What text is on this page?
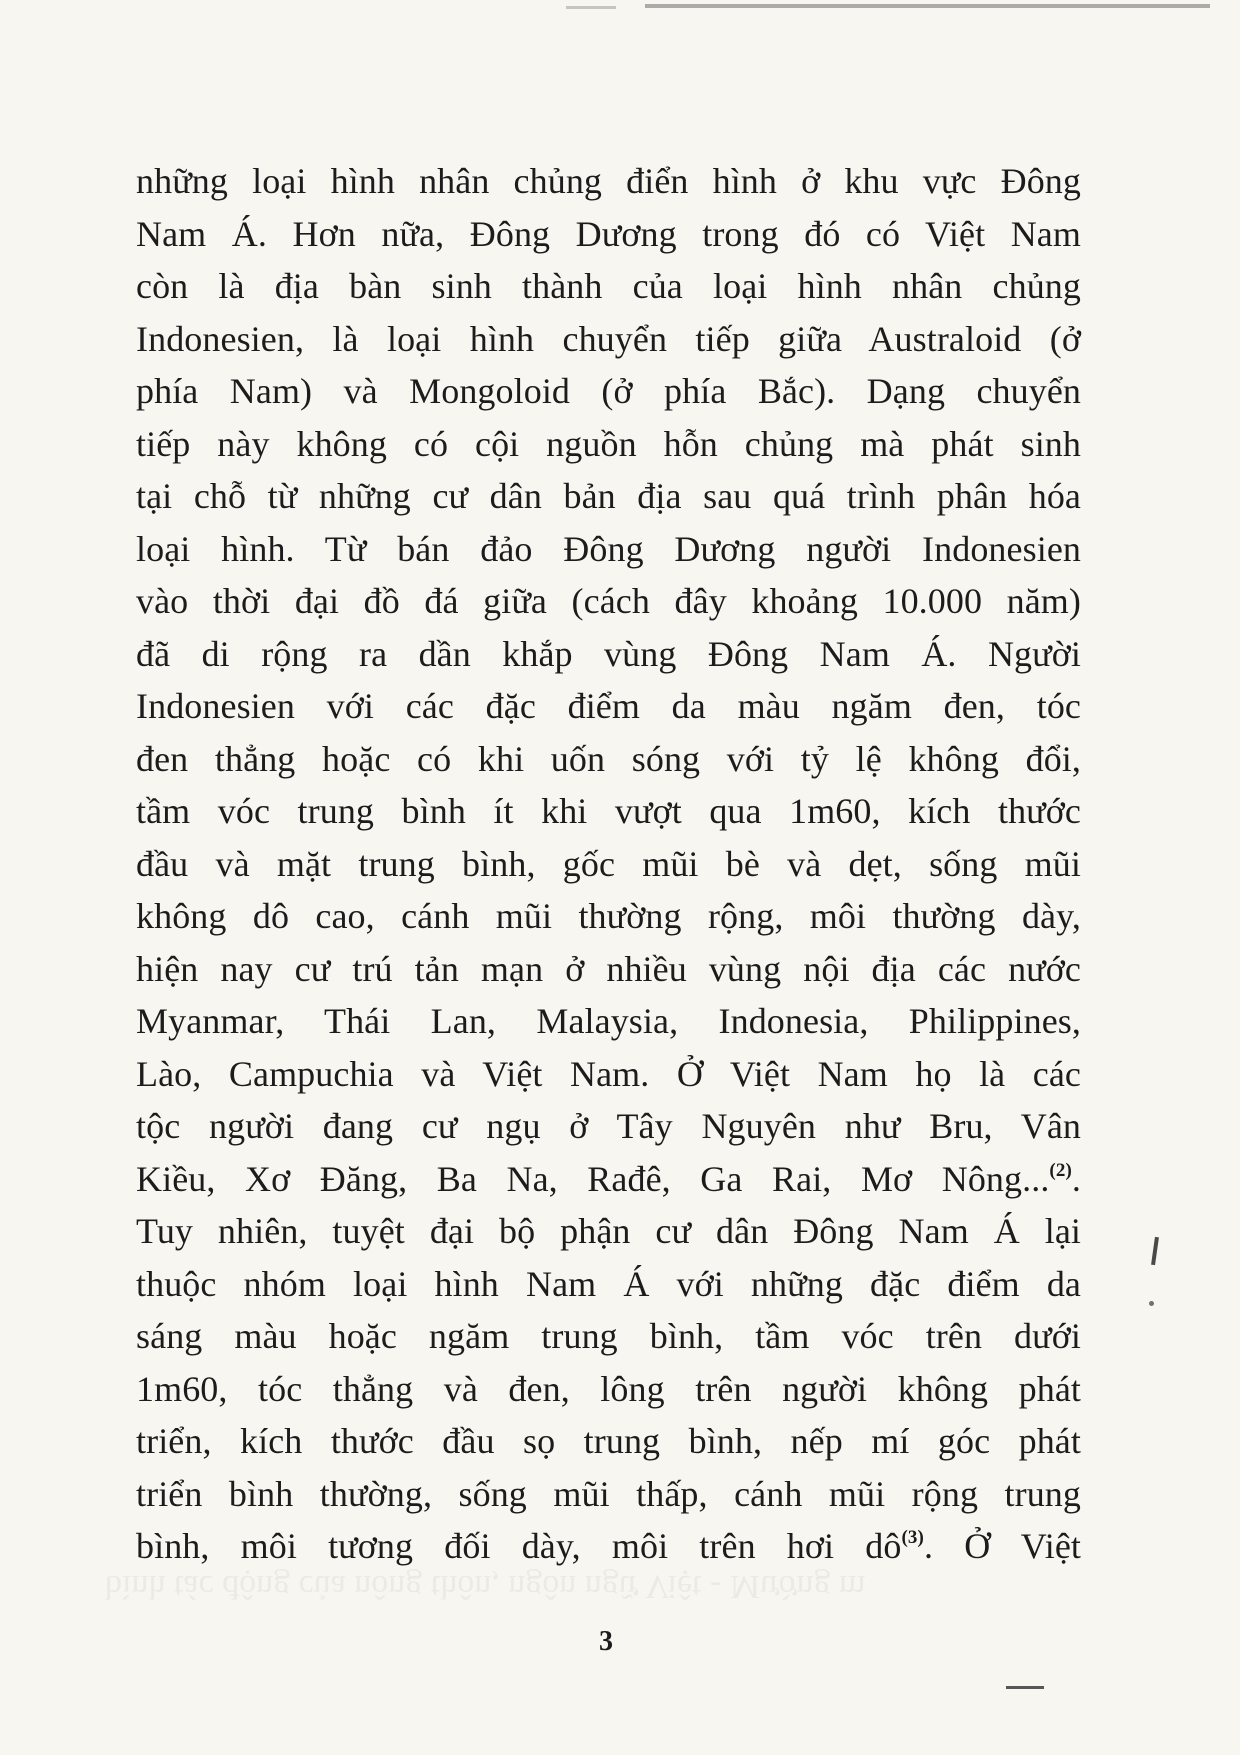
những loại hình nhân chủng điển hình ở khu vực Đông
Nam Á. Hơn nữa, Đông Dương trong đó có Việt Nam
còn là địa bàn sinh thành của loại hình nhân chủng
Indonesien, là loại hình chuyển tiếp giữa Australoid (ở
phía Nam) và Mongoloid (ở phía Bắc). Dạng chuyển
tiếp này không có cội nguồn hỗn chủng mà phát sinh
tại chỗ từ những cư dân bản địa sau quá trình phân hóa
loại hình. Từ bán đảo Đông Dương người Indonesien
vào thời đại đồ đá giữa (cách đây khoảng 10.000 năm)
đã di rộng ra dần khắp vùng Đông Nam Á. Người
Indonesien với các đặc điểm da màu ngăm đen, tóc
đen thẳng hoặc có khi uốn sóng với tỷ lệ không đổi,
tầm vóc trung bình ít khi vượt qua 1m60, kích thước
đầu và mặt trung bình, gốc mũi bè và dẹt, sống mũi
không dô cao, cánh mũi thường rộng, môi thường dày,
hiện nay cư trú tản mạn ở nhiều vùng nội địa các nước
Myanmar, Thái Lan, Malaysia, Indonesia, Philippines,
Lào, Campuchia và Việt Nam. Ở Việt Nam họ là các
tộc người đang cư ngụ ở Tây Nguyên như Bru, Vân
Kiều, Xơ Đăng, Ba Na, Rađê, Ga Rai, Mơ Nông...$^{(2)}$.
Tuy nhiên, tuyệt đại bộ phận cư dân Đông Nam Á lại
thuộc nhóm loại hình Nam Á với những đặc điểm da
sáng màu hoặc ngăm trung bình, tầm vóc trên dưới
1m60, tóc thẳng và đen, lông trên người không phát
triển, kích thước đầu sọ trung bình, nếp mí góc phát
triển bình thường, sống mũi thấp, cánh mũi rộng trung
bình, môi tương đối dày, môi trên hơi $dô^{(3)}$. Ở Việt
bình tác động của nông thôn, ngôn ngữ Việt - Mường m
3
